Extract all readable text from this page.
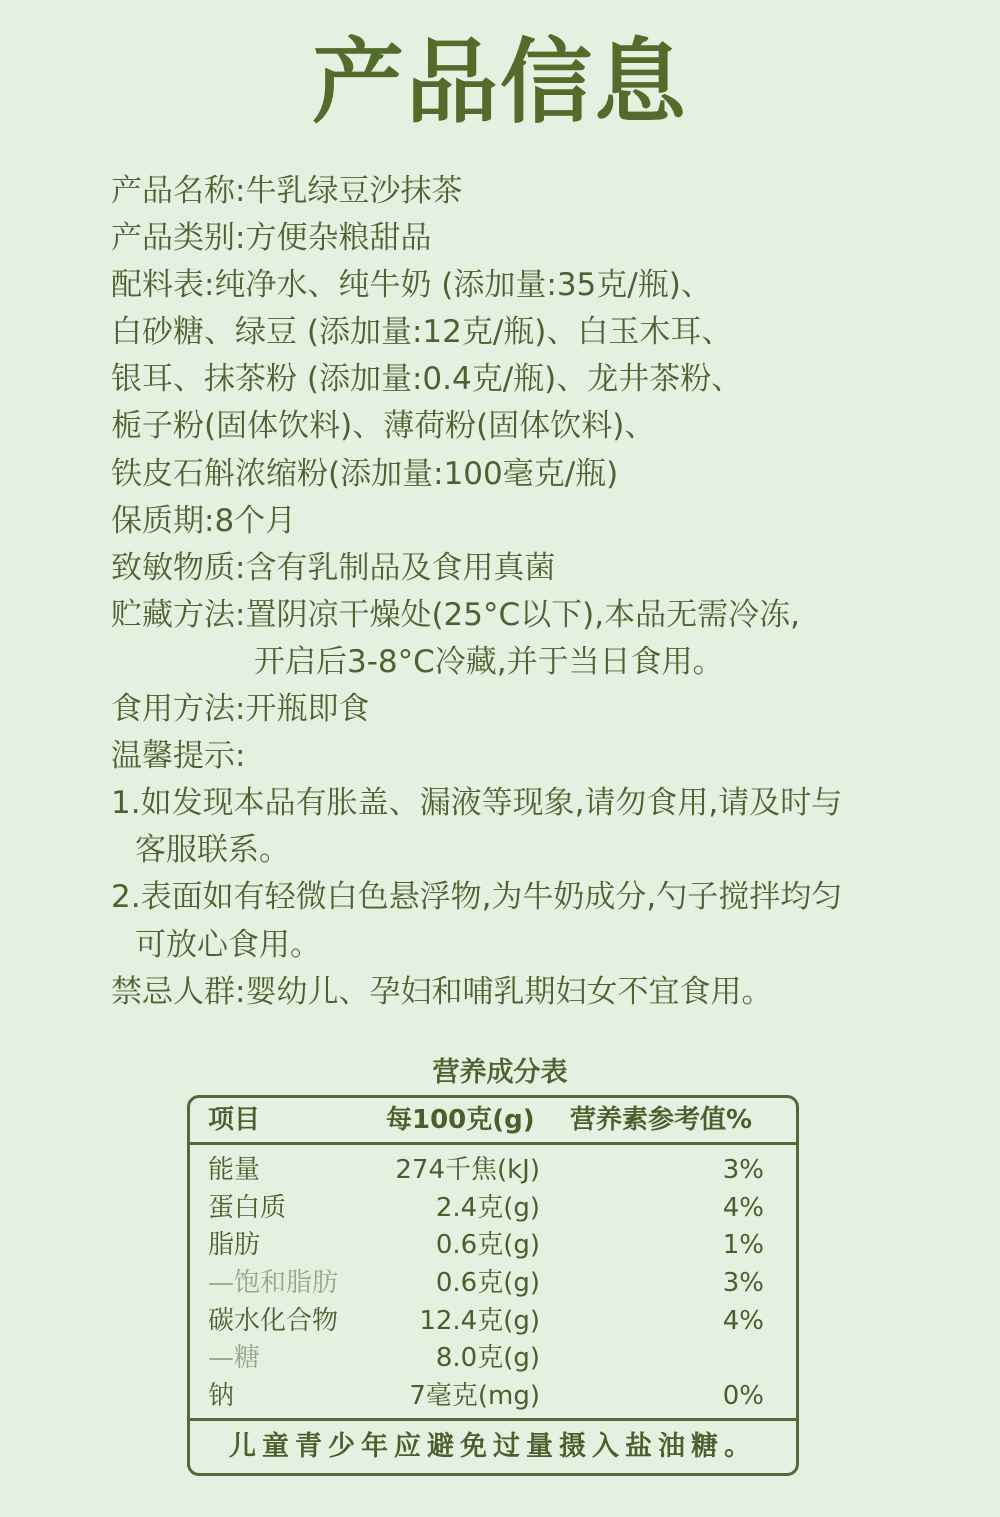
产品信息
产品名称:牛乳绿豆沙抹茶
产品类别:方便杂粮甜品
配料表:纯净水、纯牛奶 (添加量:35克/瓶)、
白砂糖、绿豆 (添加量:12克/瓶)、白玉木耳、
银耳、抹茶粉 (添加量:0.4克/瓶)、龙井茶粉、
栀子粉(固体饮料)、薄荷粉(固体饮料)、
铁皮石斛浓缩粉(添加量:100毫克/瓶)
保质期:8个月
致敏物质:含有乳制品及食用真菌
贮藏方法:置阴凉干燥处(25°C以下),本品无需冷冻,
开启后3-8°C冷藏,并于当日食用。
食用方法:开瓶即食
温馨提示:
1.如发现本品有胀盖、漏液等现象,请勿食用,请及时与
客服联系。
2.表面如有轻微白色悬浮物,为牛奶成分,勺子搅拌均匀
可放心食用。
禁忌人群:婴幼儿、孕妇和哺乳期妇女不宜食用。
营养成分表
项目	每100克(g) 营养素参考值%
能量	274千焦(kJ)	3%
蛋白质	2.4克(g)	4%
脂肪	0.6克(g)	1%
—饱和脂肪	0.6克(g)	3%
碳水化合物	12.4克(g)	4%
—糖	8.0克(g)
钠	7毫克(mg)	0%
儿童青少年应避免过量摄入盐油糖。
